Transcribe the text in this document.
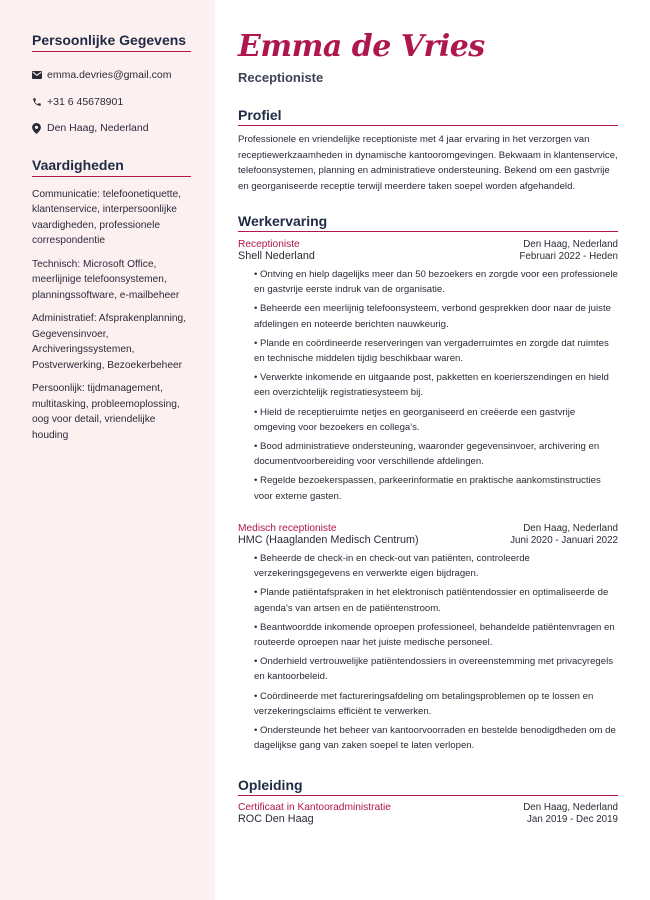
Persoonlijke Gegevens
emma.devries@gmail.com
+31 6 45678901
Den Haag, Nederland
Vaardigheden

Communicatie: telefoonetiquette, klantenservice, interpersoonlijke vaardigheden, professionele correspondentie

Technisch: Microsoft Office, meerlijnige telefoonsystemen, planningssoftware, e-mailbeheer

Administratief: Afsprakenplanning, Gegevensinvoer, Archiveringssystemen, Postverwerking, Bezoekerbeheer

Persoonlijk: tijdmanagement, multitasking, probleemoplossing, oog voor detail, vriendelijke houding

Emma de Vries
Receptioniste
Profiel

Professionele en vriendelijke receptioniste met 4 jaar ervaring in het verzorgen van receptiewerkzaamheden in dynamische kantooromgevingen. Bekwaam in klantenservice, telefoonsystemen, planning en administratieve ondersteuning. Bekend om een gastvrije en georganiseerde receptie terwijl meerdere taken soepel worden afgehandeld.

Werkervaring
Receptioniste	Den Haag, Nederland
Shell Nederland	Februari 2022 - Heden
• Ontving en hielp dagelijks meer dan 50 bezoekers en zorgde voor een professionele en gastvrije eerste indruk van de organisatie.
• Beheerde een meerlijnig telefoonsysteem, verbond gesprekken door naar de juiste afdelingen en noteerde berichten nauwkeurig.
• Plande en coördineerde reserveringen van vergaderruimtes en zorgde dat ruimtes en technische middelen tijdig beschikbaar waren.
• Verwerkte inkomende en uitgaande post, pakketten en koerierszendingen en hield een overzichtelijk registratiesysteem bij.
• Hield de receptieruimte netjes en georganiseerd en creëerde een gastvrije omgeving voor bezoekers en collega's.
• Bood administratieve ondersteuning, waaronder gegevensinvoer, archivering en documentvoorbereiding voor verschillende afdelingen.
• Regelde bezoekerspassen, parkeerinformatie en praktische aankomstinstructies voor externe gasten.
Medisch receptioniste	Den Haag, Nederland
HMC (Haaglanden Medisch Centrum)	Juni 2020 - Januari 2022
• Beheerde de check-in en check-out van patiënten, controleerde verzekeringsgegevens en verwerkte eigen bijdragen.
• Plande patiëntafspraken in het elektronisch patiëntendossier en optimaliseerde de agenda's van artsen en de patiëntenstroom.
• Beantwoordde inkomende oproepen professioneel, behandelde patiëntenvragen en routeerde oproepen naar het juiste medische personeel.
• Onderhield vertrouwelijke patiëntendossiers in overeenstemming met privacyregels en kantoorbeleid.
• Coördineerde met factureringsafdeling om betalingsproblemen op te lossen en verzekeringsclaims efficiënt te verwerken.
• Ondersteunde het beheer van kantoorvoorraden en bestelde benodigdheden om de dagelijkse gang van zaken soepel te laten verlopen.
Opleiding
Certificaat in Kantooradministratie	Den Haag, Nederland
ROC Den Haag	Jan 2019 - Dec 2019
